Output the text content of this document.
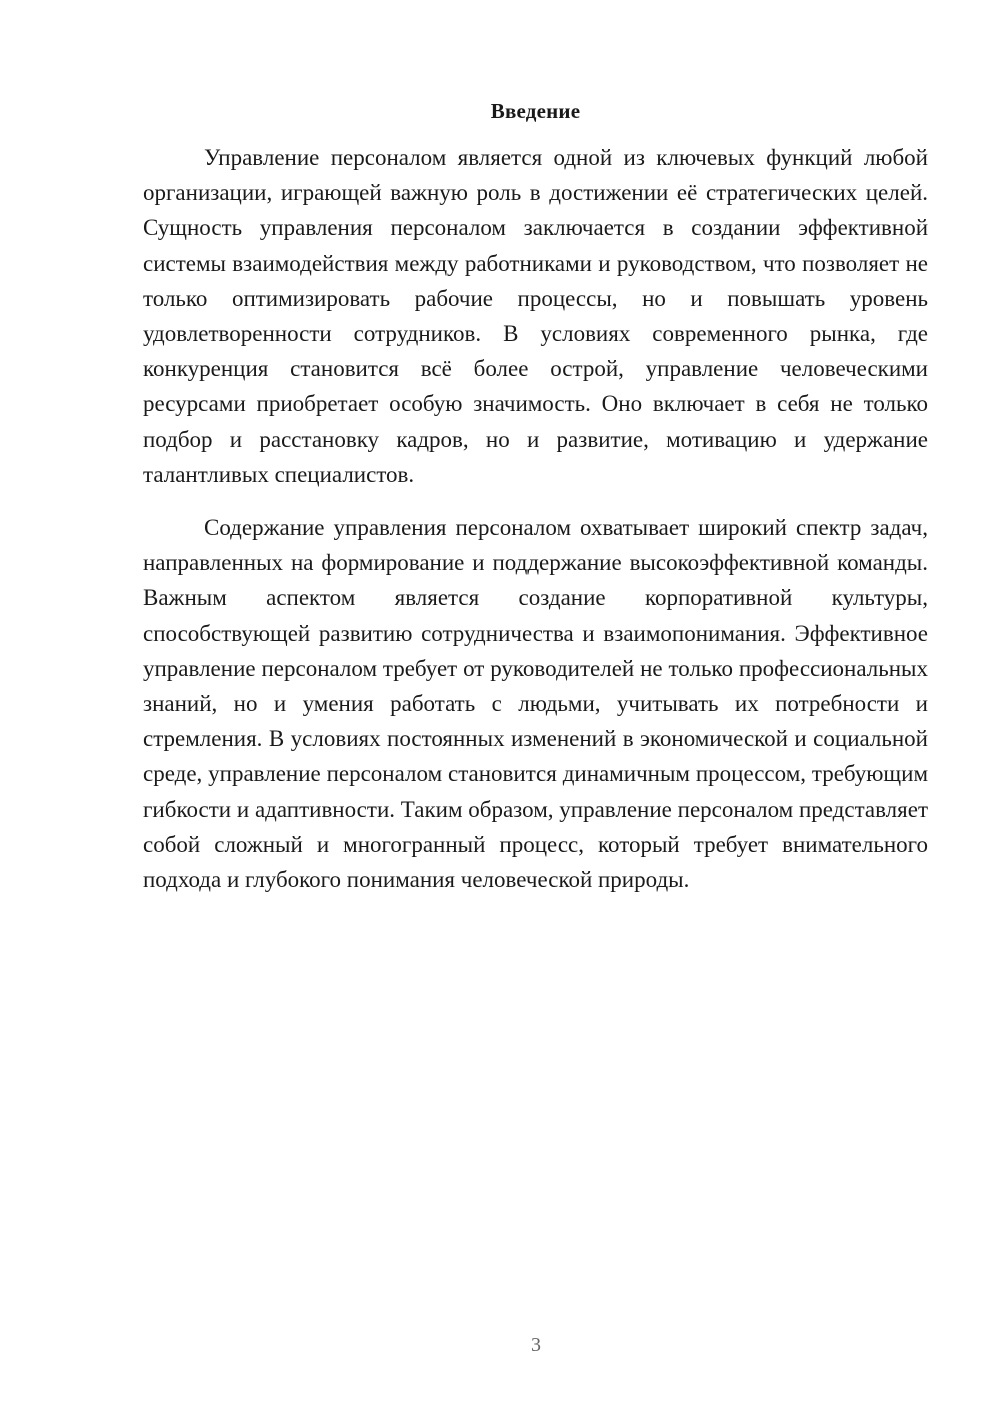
Введение

Управление персоналом является одной из ключевых функций любой организации, играющей важную роль в достижении её стратегических целей. Сущность управления персоналом заключается в создании эффективной системы взаимодействия между работниками и руководством, что позволяет не только оптимизировать рабочие процессы, но и повышать уровень удовлетворенности сотрудников. В условиях современного рынка, где конкуренция становится всё более острой, управление человеческими ресурсами приобретает особую значимость. Оно включает в себя не только подбор и расстановку кадров, но и развитие, мотивацию и удержание талантливых специалистов.

Содержание управления персоналом охватывает широкий спектр задач, направленных на формирование и поддержание высокоэффективной команды. Важным аспектом является создание корпоративной культуры, способствующей развитию сотрудничества и взаимопонимания. Эффективное управление персоналом требует от руководителей не только профессиональных знаний, но и умения работать с людьми, учитывать их потребности и стремления. В условиях постоянных изменений в экономической и социальной среде, управление персоналом становится динамичным процессом, требующим гибкости и адаптивности. Таким образом, управление персоналом представляет собой сложный и многогранный процесс, который требует внимательного подхода и глубокого понимания человеческой природы.

3
